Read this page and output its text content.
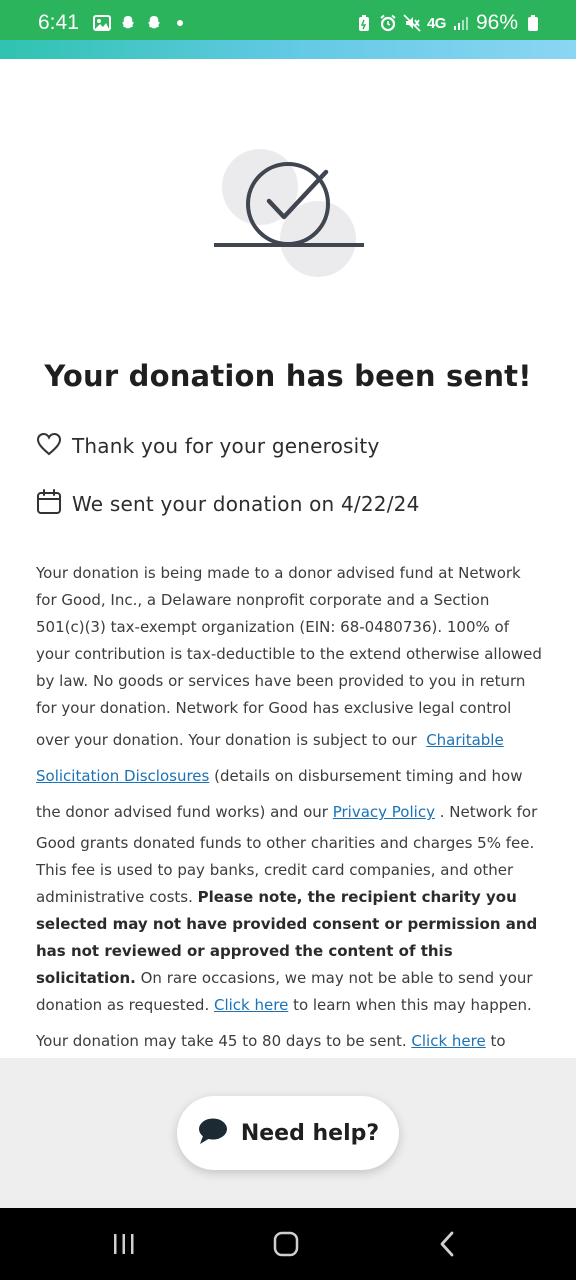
6:41	4G 96%
Your donation has been sent!
Thank you for your generosity
We sent your donation on 4/22/24

Your donation is being made to a donor advised fund at Network for Good, Inc., a Delaware nonprofit corporate and a Section 501(c)(3) tax-exempt organization (EIN: 68-0480736). 100% of your contribution is tax-deductible to the extend otherwise allowed by law. No goods or services have been provided to you in return for your donation. Network for Good has exclusive legal control over your donation. Your donation is subject to our Charitable Solicitation Disclosures (details on disbursement timing and how the donor advised fund works) and our Privacy Policy . Network for Good grants donated funds to other charities and charges 5% fee. This fee is used to pay banks, credit card companies, and other administrative costs. Please note, the recipient charity you selected may not have provided consent or permission and has not reviewed or approved the content of this solicitation. On rare occasions, we may not be able to send your donation as requested. Click here to learn when this may happen.

Your donation may take 45 to 80 days to be sent. Click here to

Need help?
